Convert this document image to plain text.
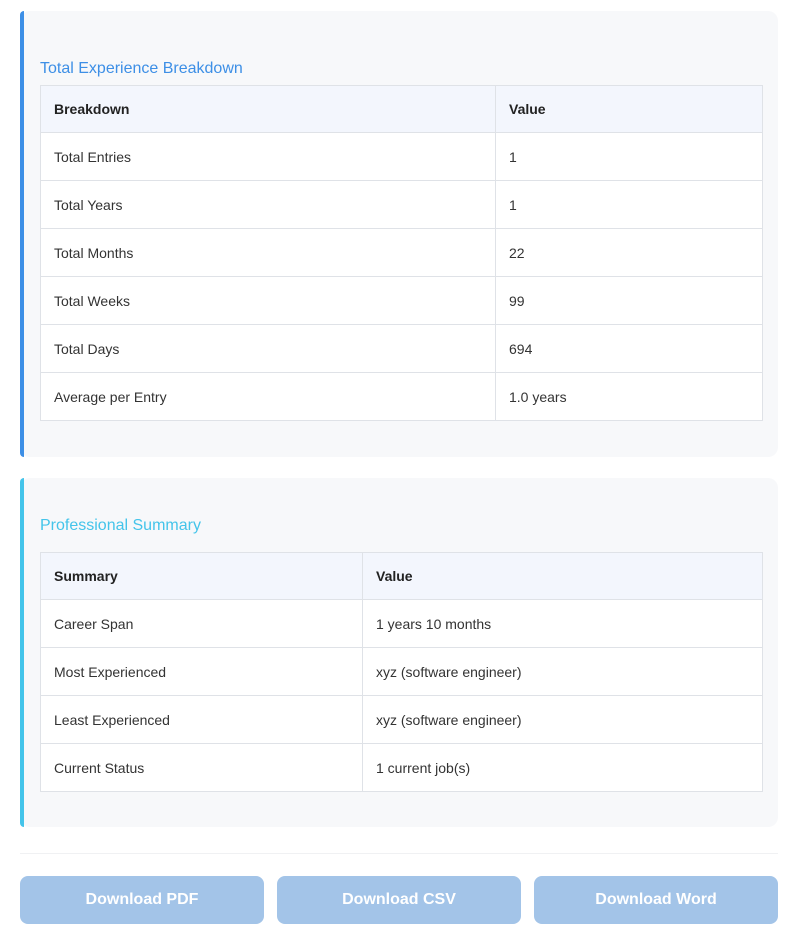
Total Experience Breakdown
Breakdown	Value
Total Entries	1
Total Years	1
Total Months	22
Total Weeks	99
Total Days	694
Average per Entry	1.0 years
Professional Summary
Summary	Value
Career Span	1 years 10 months
Most Experienced	xyz (software engineer)
Least Experienced	xyz (software engineer)
Current Status	1 current job(s)
Download PDF	Download CSV	Download Word
